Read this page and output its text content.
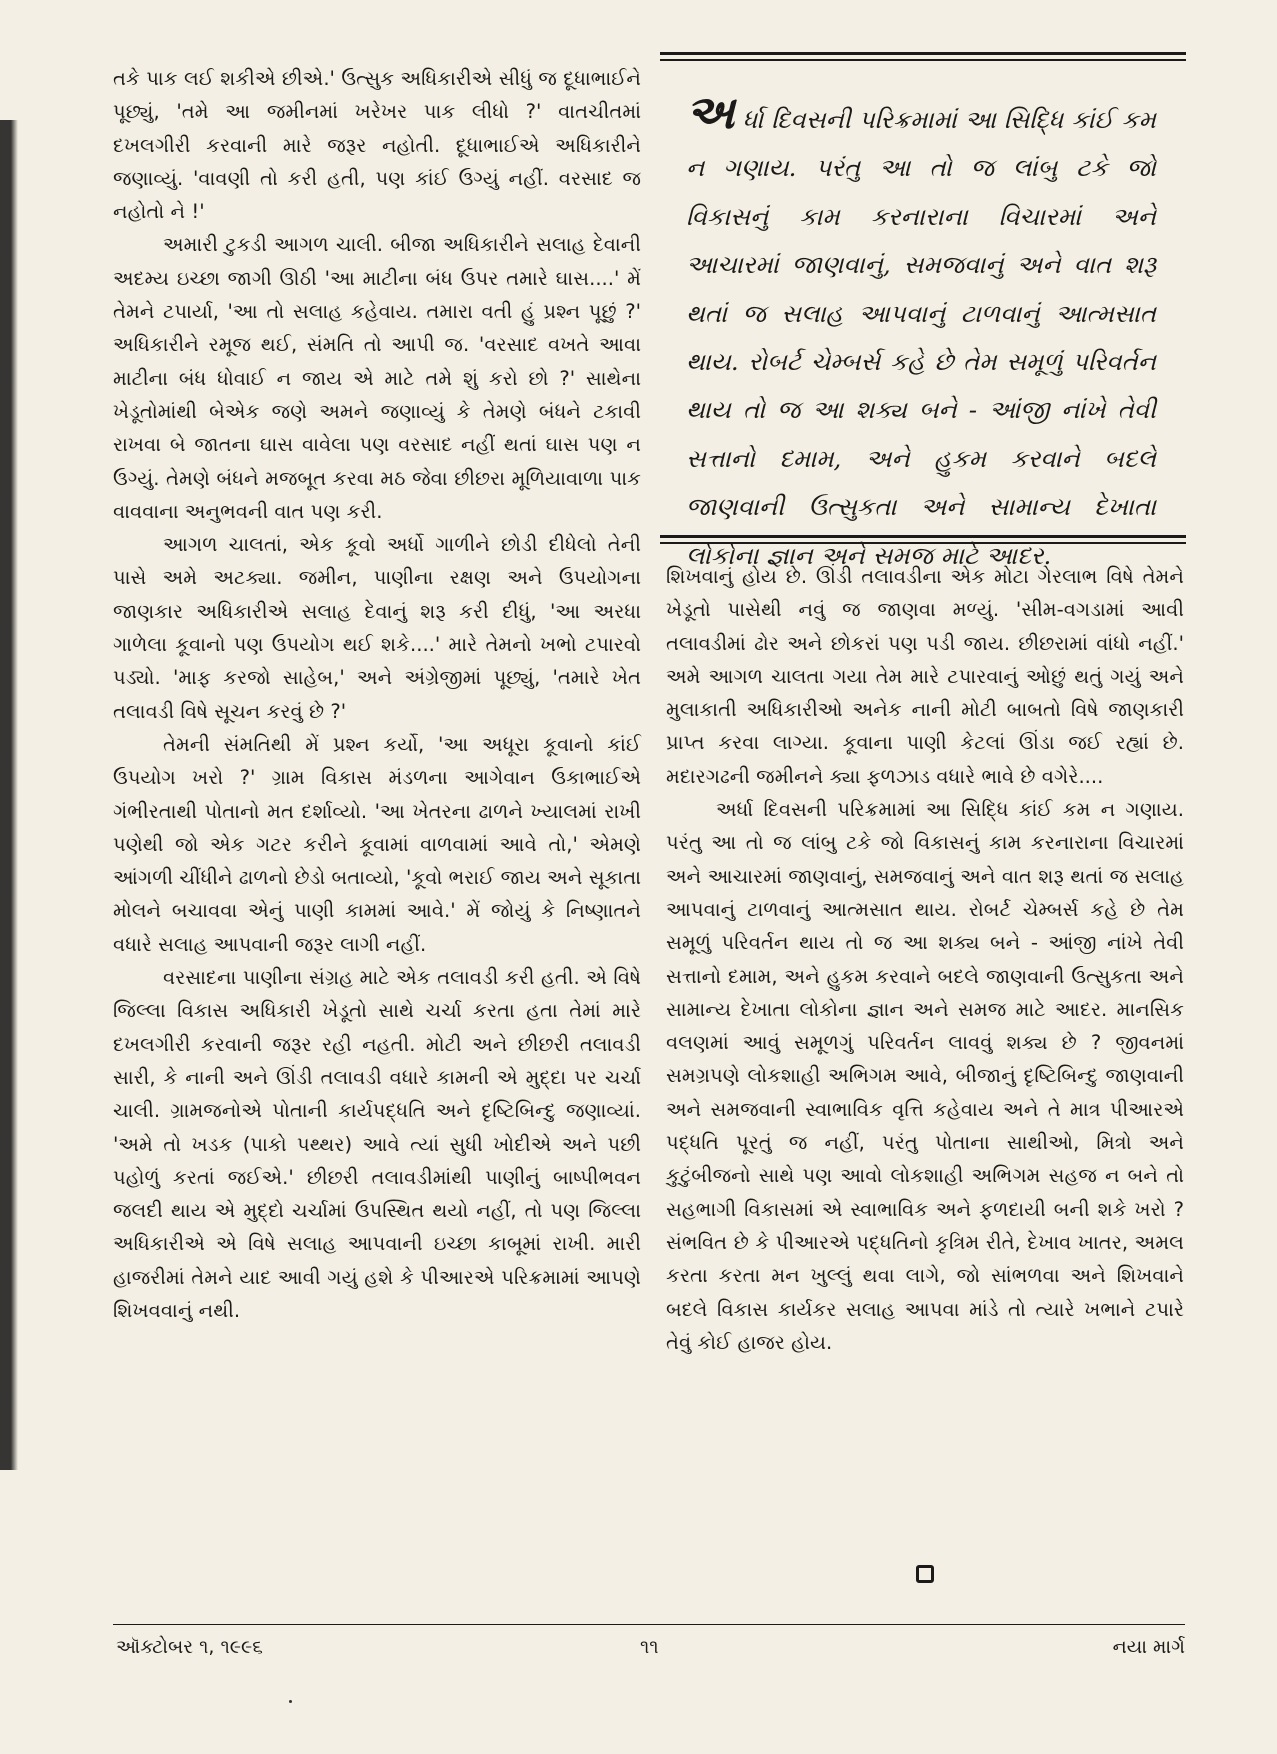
તકે પાક લઈ શકીએ છીએ.' ઉત્સુક અધિકારીએ સીધું જ દૂધાભાઈને પૂછ્યું, 'તમે આ જમીનમાં ખરેખર પાક લીધો ?' વાતચીતમાં દખલગીરી કરવાની મારે જરૂર નહોતી. દૂધાભાઈએ અધિકારીને જણાવ્યું. 'વાવણી તો કરી હતી, પણ કાંઈ ઉગ્યું નહીં. વરસાદ જ નહોતો ને !'

અમારી ટુકડી આગળ ચાલી. બીજા અધિકારીને સલાહ દેવાની અદમ્ય ઇચ્છા જાગી ઊઠી 'આ માટીના બંધ ઉપર તમારે ઘાસ....' મેં તેમને ટપાર્યા, 'આ તો સલાહ કહેવાય. તમારા વતી હું પ્રશ્ન પૂછું ?' અધિકારીને રમૂજ થઈ, સંમતિ તો આપી જ. 'વરસાદ વખતે આવા માટીના બંધ ધોવાઈ ન જાય એ માટે તમે શું કરો છો ?' સાથેના ખેડૂતોમાંથી બેએક જણે અમને જણાવ્યું કે તેમણે બંધને ટકાવી રાખવા બે જાતના ઘાસ વાવેલા પણ વરસાદ નહીં થતાં ઘાસ પણ ન ઉગ્યું. તેમણે બંધને મજબૂત કરવા મઠ જેવા છીછરા મૂળિયાવાળા પાક વાવવાના અનુભવની વાત પણ કરી.

આગળ ચાલતાં, એક કૂવો અર્ધો ગાળીને છોડી દીધેલો તેની પાસે અમે અટક્યા. જમીન, પાણીના રક્ષણ અને ઉપયોગના જાણકાર અધિકારીએ સલાહ દેવાનું શરૂ કરી દીધું, 'આ અરધા ગાળેલા કૂવાનો પણ ઉપયોગ થઈ શકે....' મારે તેમનો ખભો ટપારવો પડ્યો. 'માફ કરજો સાહેબ,' અને અંગ્રેજીમાં પૂછ્યું, 'તમારે ખેત તલાવડી વિષે સૂચન કરવું છે ?'

તેમની સંમતિથી મેં પ્રશ્ન કર્યો, 'આ અધૂરા કૂવાનો કાંઈ ઉપયોગ ખરો ?' ગ્રામ વિકાસ મંડળના આગેવાન ઉકાભાઈએ ગંભીરતાથી પોતાનો મત દર્શાવ્યો. 'આ ખેતરના ઢાળને ખ્યાલમાં રાખી પણેથી જો એક ગટર કરીને કૂવામાં વાળવામાં આવે તો,' એમણે આંગળી ચીંધીને ઢાળનો છેડો બતાવ્યો, 'કૂવો ભરાઈ જાય અને સૂકાતા મોલને બચાવવા એનું પાણી કામમાં આવે.' મેં જોયું કે નિષ્ણાતને વધારે સલાહ આપવાની જરૂર લાગી નહીં.

વરસાદના પાણીના સંગ્રહ માટે એક તલાવડી કરી હતી. એ વિષે જિલ્લા વિકાસ અધિકારી ખેડૂતો સાથે ચર્ચા કરતા હતા તેમાં મારે દખલગીરી કરવાની જરૂર રહી નહતી. મોટી અને છીછરી તલાવડી સારી, કે નાની અને ઊંડી તલાવડી વધારે કામની એ મુદ્દા પર ચર્ચા ચાલી. ગ્રામજનોએ પોતાની કાર્યપદ્ધતિ અને દૃષ્ટિબિન્દુ જણાવ્યાં. 'અમે તો ખડક (પાકો પથ્થર) આવે ત્યાં સુધી ખોદીએ અને પછી પહોળું કરતાં જઈએ.' છીછરી તલાવડીમાંથી પાણીનું બાષ્પીભવન જલદી થાય એ મુદ્દો ચર્ચામાં ઉપસ્થિત થયો નહીં, તો પણ જિલ્લા અધિકારીએ એ વિષે સલાહ આપવાની ઇચ્છા કાબૂમાં રાખી. મારી હાજરીમાં તેમને યાદ આવી ગયું હશે કે પીઆરએ પરિક્રમામાં આપણે શિખવવાનું નથી.

અ ર્ધા દિવસની પરિક્રમામાં આ સિદ્ધિ કાંઈ કમ ન ગણાય. પરંતુ આ તો જ લાંબુ ટકે જો વિકાસનું કામ કરનારાના વિચારમાં અને આચારમાં જાણવાનું, સમજવાનું અને વાત શરૂ થતાં જ સલાહ આપવાનું ટાળવાનું આત્મસાત થાય. રોબર્ટ ચેમ્બર્સ કહે છે તેમ સમૂળું પરિવર્તન થાય તો જ આ શક્ય બને - આંજી નાંખે તેવી સત્તાનો દમામ, અને હુકમ કરવાને બદલે જાણવાની ઉત્સુકતા અને સામાન્ય દેખાતા લોકોના જ્ઞાન અને સમજ માટે આદર.

શિખવાનું હોય છે. ઊંડી તલાવડીના એક મોટા ગેરલાભ વિષે તેમને ખેડૂતો પાસેથી નવું જ જાણવા મળ્યું. 'સીમ-વગડામાં આવી તલાવડીમાં ઢોર અને છોકરાં પણ પડી જાય. છીછરામાં વાંધો નહીં.' અમે આગળ ચાલતા ગયા તેમ મારે ટપારવાનું ઓછું થતું ગયું અને મુલાકાતી અધિકારીઓ અનેક નાની મોટી બાબતો વિષે જાણકારી પ્રાપ્ત કરવા લાગ્યા. કૂવાના પાણી કેટલાં ઊંડા જઈ રહ્યાં છે. મદારગઢની જમીનને ક્યા ફળઝાડ વધારે ભાવે છે વગેરે....

અર્ધા દિવસની પરિક્રમામાં આ સિદ્ધિ કાંઈ કમ ન ગણાય. પરંતુ આ તો જ લાંબુ ટકે જો વિકાસનું કામ કરનારાના વિચારમાં અને આચારમાં જાણવાનું, સમજવાનું અને વાત શરૂ થતાં જ સલાહ આપવાનું ટાળવાનું આત્મસાત થાય. રોબર્ટ ચેમ્બર્સ કહે છે તેમ સમૂળું પરિવર્તન થાય તો જ આ શક્ય બને - આંજી નાંખે તેવી સત્તાનો દમામ, અને હુકમ કરવાને બદલે જાણવાની ઉત્સુકતા અને સામાન્ય દેખાતા લોકોના જ્ઞાન અને સમજ માટે આદર. માનસિક વલણમાં આવું સમૂળગું પરિવર્તન લાવવું શક્ય છે ? જીવનમાં સમગ્રપણે લોકશાહી અભિગમ આવે, બીજાનું દૃષ્ટિબિન્દુ જાણવાની અને સમજવાની સ્વાભાવિક વૃત્તિ કહેવાય અને તે માત્ર પીઆરએ પદ્ધતિ પૂરતું જ નહીં, પરંતુ પોતાના સાથીઓ, મિત્રો અને કુટુંબીજનો સાથે પણ આવો લોકશાહી અભિગમ સહજ ન બને તો સહભાગી વિકાસમાં એ સ્વાભાવિક અને ફળદાયી બની શકે ખરો ? સંભવિત છે કે પીઆરએ પદ્ધતિનો કૃત્રિમ રીતે, દેખાવ ખાતર, અમલ કરતા કરતા મન ખુલ્લું થવા લાગે, જો સાંભળવા અને શિખવાને બદલે વિકાસ કાર્યકર સલાહ આપવા માંડે તો ત્યારે ખભાને ટપારે તેવું કોઈ હાજર હોય.

ઑક્ટોબર ૧, ૧૯૯૬	૧૧	નયા માર્ગ
